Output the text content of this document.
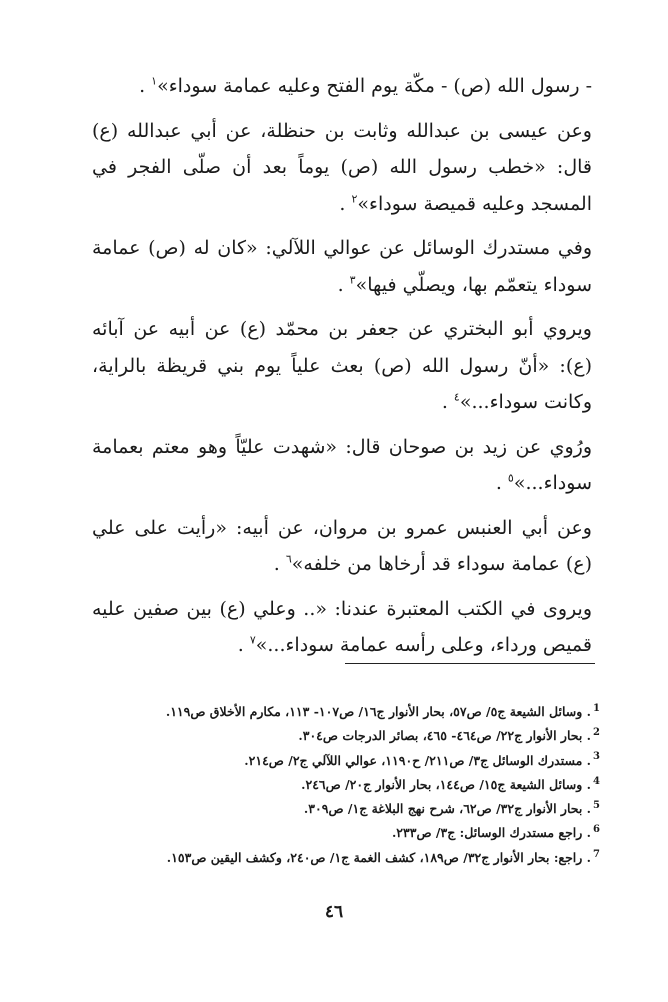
- رسول الله (ص) - مكّة يوم الفتح وعليه عمامة سوداء»$^١$ .

وعن عيسى بن عبدالله وثابت بن حنظلة، عن أبي عبدالله (ع) قال: «خطب رسول الله (ص) يوماً بعد أن صلّى الفجر في المسجد وعليه قميصة سوداء»$^٢$ .

وفي مستدرك الوسائل عن عوالي اللآلي: «كان له (ص) عمامة سوداء يتعمّم بها، ويصلّي فيها»$^٣$ .

ويروي أبو البختري عن جعفر بن محمّد (ع) عن أبيه عن آبائه (ع): «أنّ رسول الله (ص) بعث علياً يوم بني قريظة بالراية، وكانت سوداء...»$^٤$ .

ورُوي عن زيد بن صوحان قال: «شهدت عليّاً وهو معتم بعمامة سوداء...»$^٥$ .

وعن أبي العنبس عمرو بن مروان، عن أبيه: «رأيت على علي (ع) عمامة سوداء قد أرخاها من خلفه»$^٦$ .

ويروى في الكتب المعتبرة عندنا: «.. وعلي (ع) بين صفين عليه قميص ورداء، وعلى رأسه عمامة سوداء...»$^٧$ .

$^1$. وسائل الشيعة ج٥/ ص٥٧، بحار الأنوار ج١٦/ ص١٠٧- ١١٣، مكارم الأخلاق ص١١٩.
$^2$. بحار الأنوار ج٢٢/ ص٤٦٤- ٤٦٥، بصائر الدرجات ص٣٠٤.
$^3$. مستدرك الوسائل ج٣/ ص٢١١/ ح١١٩٠، عوالي اللآلي ج٢/ ص٢١٤.
$^4$. وسائل الشيعة ج١٥/ ص١٤٤، بحار الأنوار ج٢٠/ ص٢٤٦.
$^5$. بحار الأنوار ج٣٢/ ص٦٢، شرح نهج البلاغة ج١/ ص٣٠٩.
$^6$. راجع مستدرك الوسائل: ج٣/ ص٢٣٣.
$^7$. راجع: بحار الأنوار ج٣٢/ ص١٨٩، كشف الغمة ج١/ ص٢٤٠، وكشف اليقين ص١٥٣.
٤٦
